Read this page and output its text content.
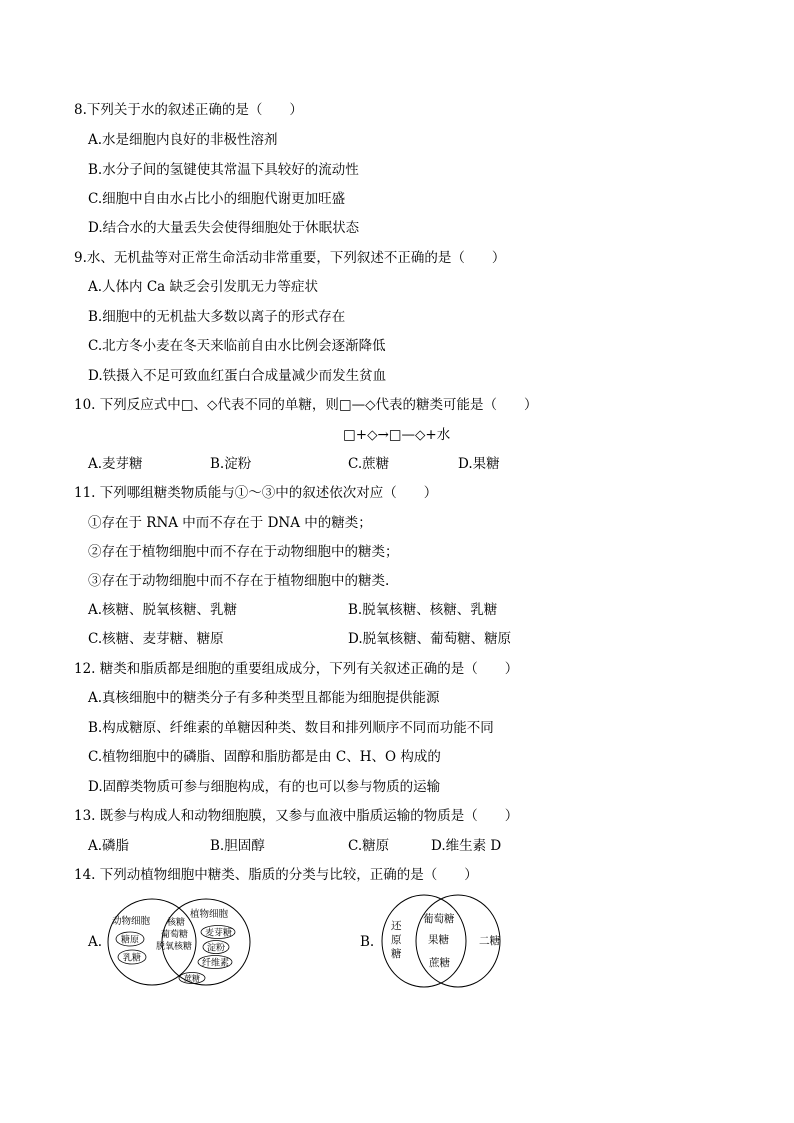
8.下列关于水的叙述正确的是（　　）
A.水是细胞内良好的非极性溶剂
B.水分子间的氢键使其常温下具较好的流动性
C.细胞中自由水占比小的细胞代谢更加旺盛
D.结合水的大量丢失会使得细胞处于休眠状态
9.水、无机盐等对正常生命活动非常重要，下列叙述不正确的是（　　）
A.人体内 Ca 缺乏会引发肌无力等症状
B.细胞中的无机盐大多数以离子的形式存在
C.北方冬小麦在冬天来临前自由水比例会逐渐降低
D.铁摄入不足可致血红蛋白合成量减少而发生贫血
10. 下列反应式中□、◇代表不同的单糖，则□—◇代表的糖类可能是（　　）
□+◇→□—◇+水
A.麦芽糖	B.淀粉	C.蔗糖	D.果糖
11. 下列哪组糖类物质能与①～③中的叙述依次对应（　　）
①存在于 RNA 中而不存在于 DNA 中的糖类；
②存在于植物细胞中而不存在于动物细胞中的糖类；
③存在于动物细胞中而不存在于植物细胞中的糖类.
A.核糖、脱氧核糖、乳糖	B.脱氧核糖、核糖、乳糖
C.核糖、麦芽糖、糖原	D.脱氧核糖、葡萄糖、糖原
12. 糖类和脂质都是细胞的重要组成成分，下列有关叙述正确的是（　　）
A.真核细胞中的糖类分子有多种类型且都能为细胞提供能源
B.构成糖原、纤维素的单糖因种类、数目和排列顺序不同而功能不同
C.植物细胞中的磷脂、固醇和脂肪都是由 C、H、O 构成的
D.固醇类物质可参与细胞构成，有的也可以参与物质的运输
13. 既参与构成人和动物细胞膜，又参与血液中脂质运输的物质是（　　）
A.磷脂	B.胆固醇	C.糖原	D.维生素 D
14. 下列动植物细胞中糖类、脂质的分类与比较，正确的是（　　）
A.
动物细胞
糖原
乳糖
核糖
葡萄糖
脱氧核糖
植物细胞
麦芽糖
淀粉
纤维素
蔗糖
B.
还
原
糖
葡萄糖
果糖
蔗糖
二糖
